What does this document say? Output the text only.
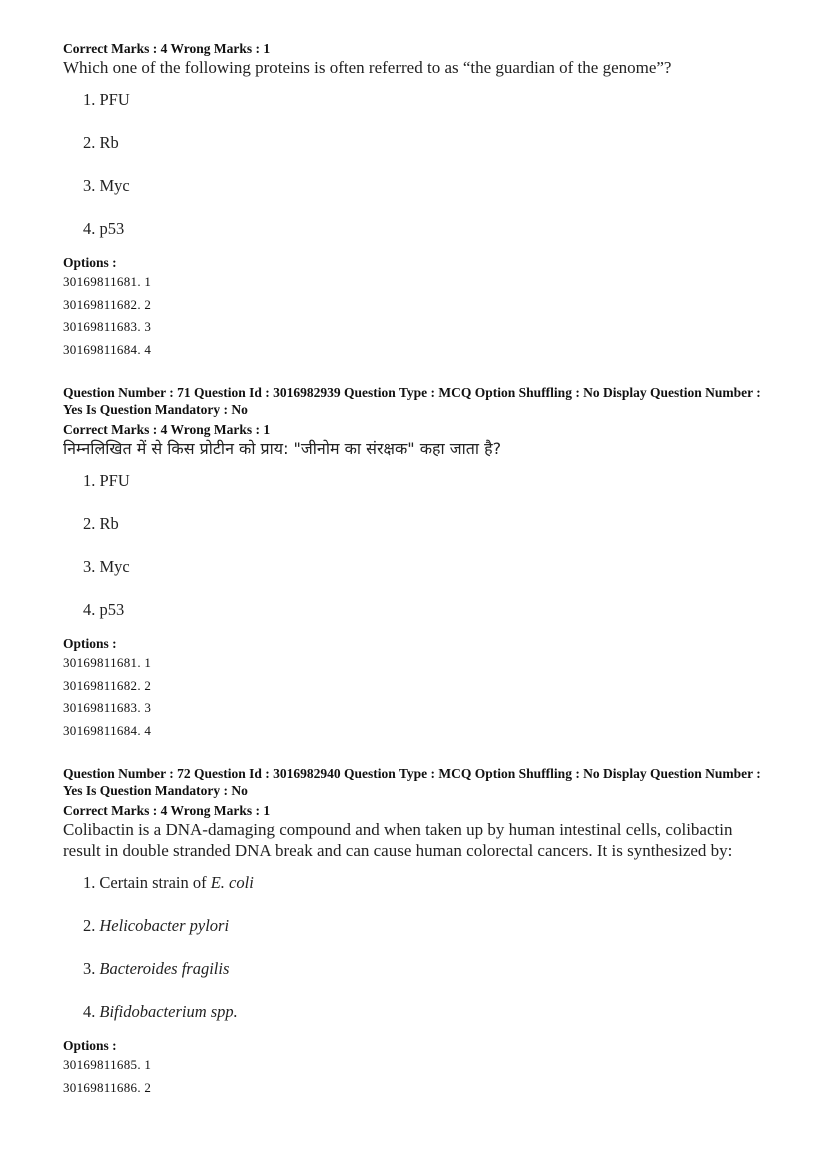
Correct Marks : 4 Wrong Marks : 1
Which one of the following proteins is often referred to as “the guardian of the genome”?
1. PFU
2. Rb
3. Myc
4. p53
Options :
30169811681. 1
30169811682. 2
30169811683. 3
30169811684. 4
Question Number : 71 Question Id : 3016982939 Question Type : MCQ Option Shuffling : No Display Question Number : Yes Is Question Mandatory : No
Correct Marks : 4 Wrong Marks : 1
निम्नलिखित में से किस प्रोटीन को प्राय: "जीनोम का संरक्षक" कहा जाता है?
1. PFU
2. Rb
3. Myc
4. p53
Options :
30169811681. 1
30169811682. 2
30169811683. 3
30169811684. 4
Question Number : 72 Question Id : 3016982940 Question Type : MCQ Option Shuffling : No Display Question Number : Yes Is Question Mandatory : No
Correct Marks : 4 Wrong Marks : 1
Colibactin is a DNA-damaging compound and when taken up by human intestinal cells, colibactin result in double stranded DNA break and can cause human colorectal cancers. It is synthesized by:
1. Certain strain of E. coli
2. Helicobacter pylori
3. Bacteroides fragilis
4. Bifidobacterium spp.
Options :
30169811685. 1
30169811686. 2
